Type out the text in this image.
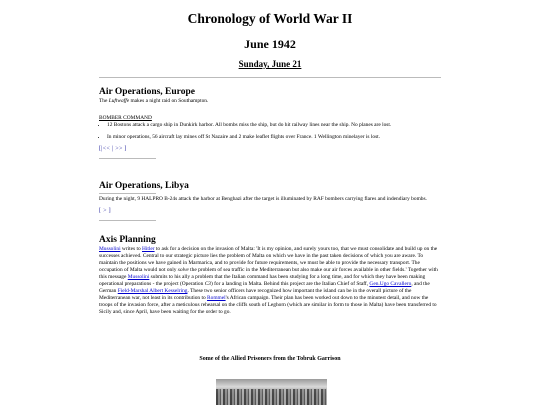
Chronology of World War II
June 1942
Sunday, June 21
Air Operations, Europe

The Luftwaffe makes a night raid on Southampton.

BOMBER COMMAND
• 12 Bostons attack a cargo ship in Dunkirk harbor. All bombs miss the ship, but do hit railway lines near the ship. No planes are lost.
• In minor operations, 56 aircraft lay mines off St Nazaire and 2 make leaflet flights over France. 1 Wellington minelayer is lost.
[|<< | >> ]
Air Operations, Libya

During the night, 9 HALPRO B-24s attack the harbor at Benghazi after the target is illuminated by RAF bombers carrying flares and indendiary bombs.

[ > ]
Axis Planning

Mussolini writes to Hitler to ask for a decision on the invasion of Malta: 'It is my opinion, and surely yours too, that we must consolidate and build up on the successes achieved. Central to our strategic picture lies the problem of Malta on which we have in the past taken decisions of which you are aware. To maintain the positions we have gained in Marmarica, and to provide for future requirements, we must be able to provide the necessary transport. The occupation of Malta would not only solve the problem of sea traffic in the Mediterranean but also make our air forces available in other fields.' Together with this message Mussolini submits to his ally a problem that the Italian command has been studying for a long time, and for which they have been making operational preparations - the project (Operation C3) for a landing in Malta. Behind this project are the Italian Chief of Staff, Gen.Ugo Cavallero, and the German Field-Marshal Albert Kesselring. These two senior officers have recognized how important the island can be in the overall picture of the Mediterranean war, not least in its contribution to Rommel's African campaign. Their plan has been worked out down to the minutest detail, and now the troops of the invasion force, after a meticulous rehearsal on the cliffs south of Leghorn (which are similar in form to those in Malta) have been transferred to Sicily and, since April, have been waiting for the order to go.

Some of the Allied Prisoners from the Tobruk Garrison
